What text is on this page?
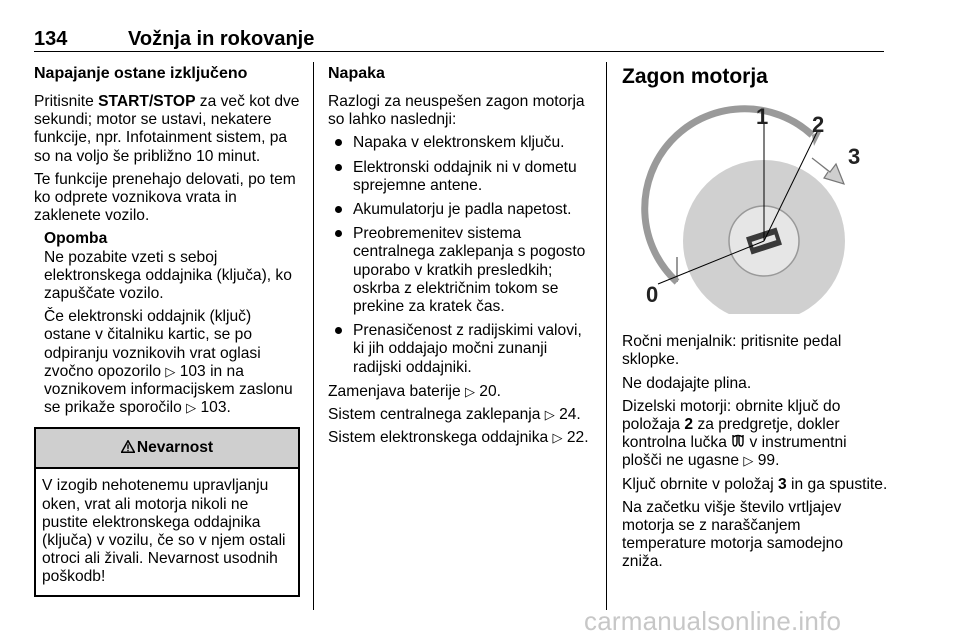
134	Vožnja in rokovanje
Napajanje ostane izključeno

Pritisnite START/STOP za več kot dve sekundi; motor se ustavi, nekatere funkcije, npr. Infotainment sistem, pa so na voljo še približno 10 minut.

Te funkcije prenehajo delovati, po tem ko odprete voznikova vrata in zaklenete vozilo.

Opomba

Ne pozabite vzeti s seboj elektronskega oddajnika (ključa), ko zapuščate vozilo.

Če elektronski oddajnik (ključ) ostane v čitalniku kartic, se po odpiranju voznikovih vrat oglasi zvočno opozorilo ▷ 103 in na voznikovem informacijskem zaslonu se prikaže sporočilo ▷ 103.

Nevarnost
V izogib nehotenemu upravljanju oken, vrat ali motorja nikoli ne pustite elektronskega oddajnika (ključa) v vozilu, če so v njem ostali otroci ali živali. Nevarnost usodnih poškodb!
Napaka

Razlogi za neuspešen zagon motorja so lahko naslednji:

Napaka v elektronskem ključu.
Elektronski oddajnik ni v dometu sprejemne antene.
Akumulatorju je padla napetost.
Preobremenitev sistema centralnega zaklepanja s pogosto uporabo v kratkih presledkih; oskrba z električnim tokom se prekine za kratek čas.
Prenasičenost z radijskimi valovi, ki jih oddajajo močni zunanji radijski oddajniki.

Zamenjava baterije ▷ 20.

Sistem centralnega zaklepanja ▷ 24.

Sistem elektronskega oddajnika ▷ 22.

Zagon motorja
0
1 2
3

Ročni menjalnik: pritisnite pedal sklopke.

Ne dodajajte plina.

Dizelski motorji: obrnite ključ do položaja 2 za predgretje, dokler kontrolna lučka  v instrumentni plošči ne ugasne ▷ 99.

Ključ obrnite v položaj 3 in ga spustite.

Na začetku višje število vrtljajev motorja se z naraščanjem temperature motorja samodejno zniža.

carmanualsonline.info
